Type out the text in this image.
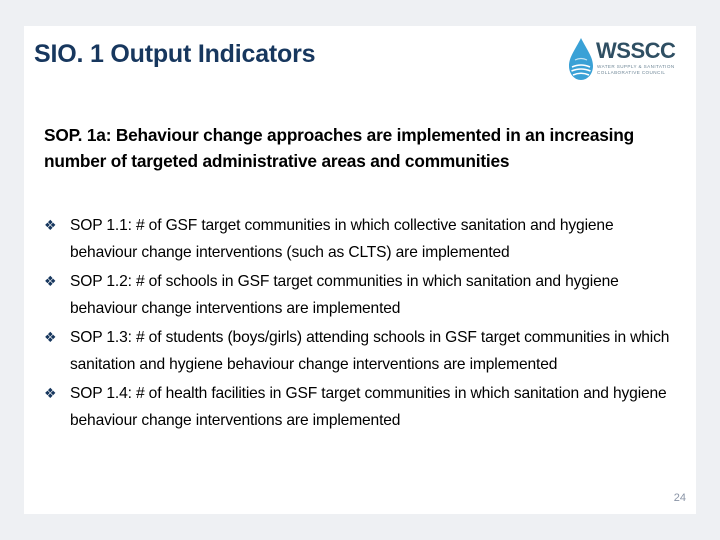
SIO. 1 Output Indicators	WSSCC
WATER SUPPLY & SANITATION
COLLABORATIVE COUNCIL
SOP. 1a: Behaviour change approaches are implemented in an increasing number of targeted administrative areas and communities
❖ SOP 1.1: # of GSF target communities in which collective sanitation and hygiene behaviour change interventions (such as CLTS) are implemented
❖ SOP 1.2: # of schools in GSF target communities in which sanitation and hygiene behaviour change interventions are implemented
❖ SOP 1.3: # of students (boys/girls) attending schools in GSF target communities in which sanitation and hygiene behaviour change interventions are implemented
❖ SOP 1.4: # of health facilities in GSF target communities in which sanitation and hygiene behaviour change interventions are implemented
24
